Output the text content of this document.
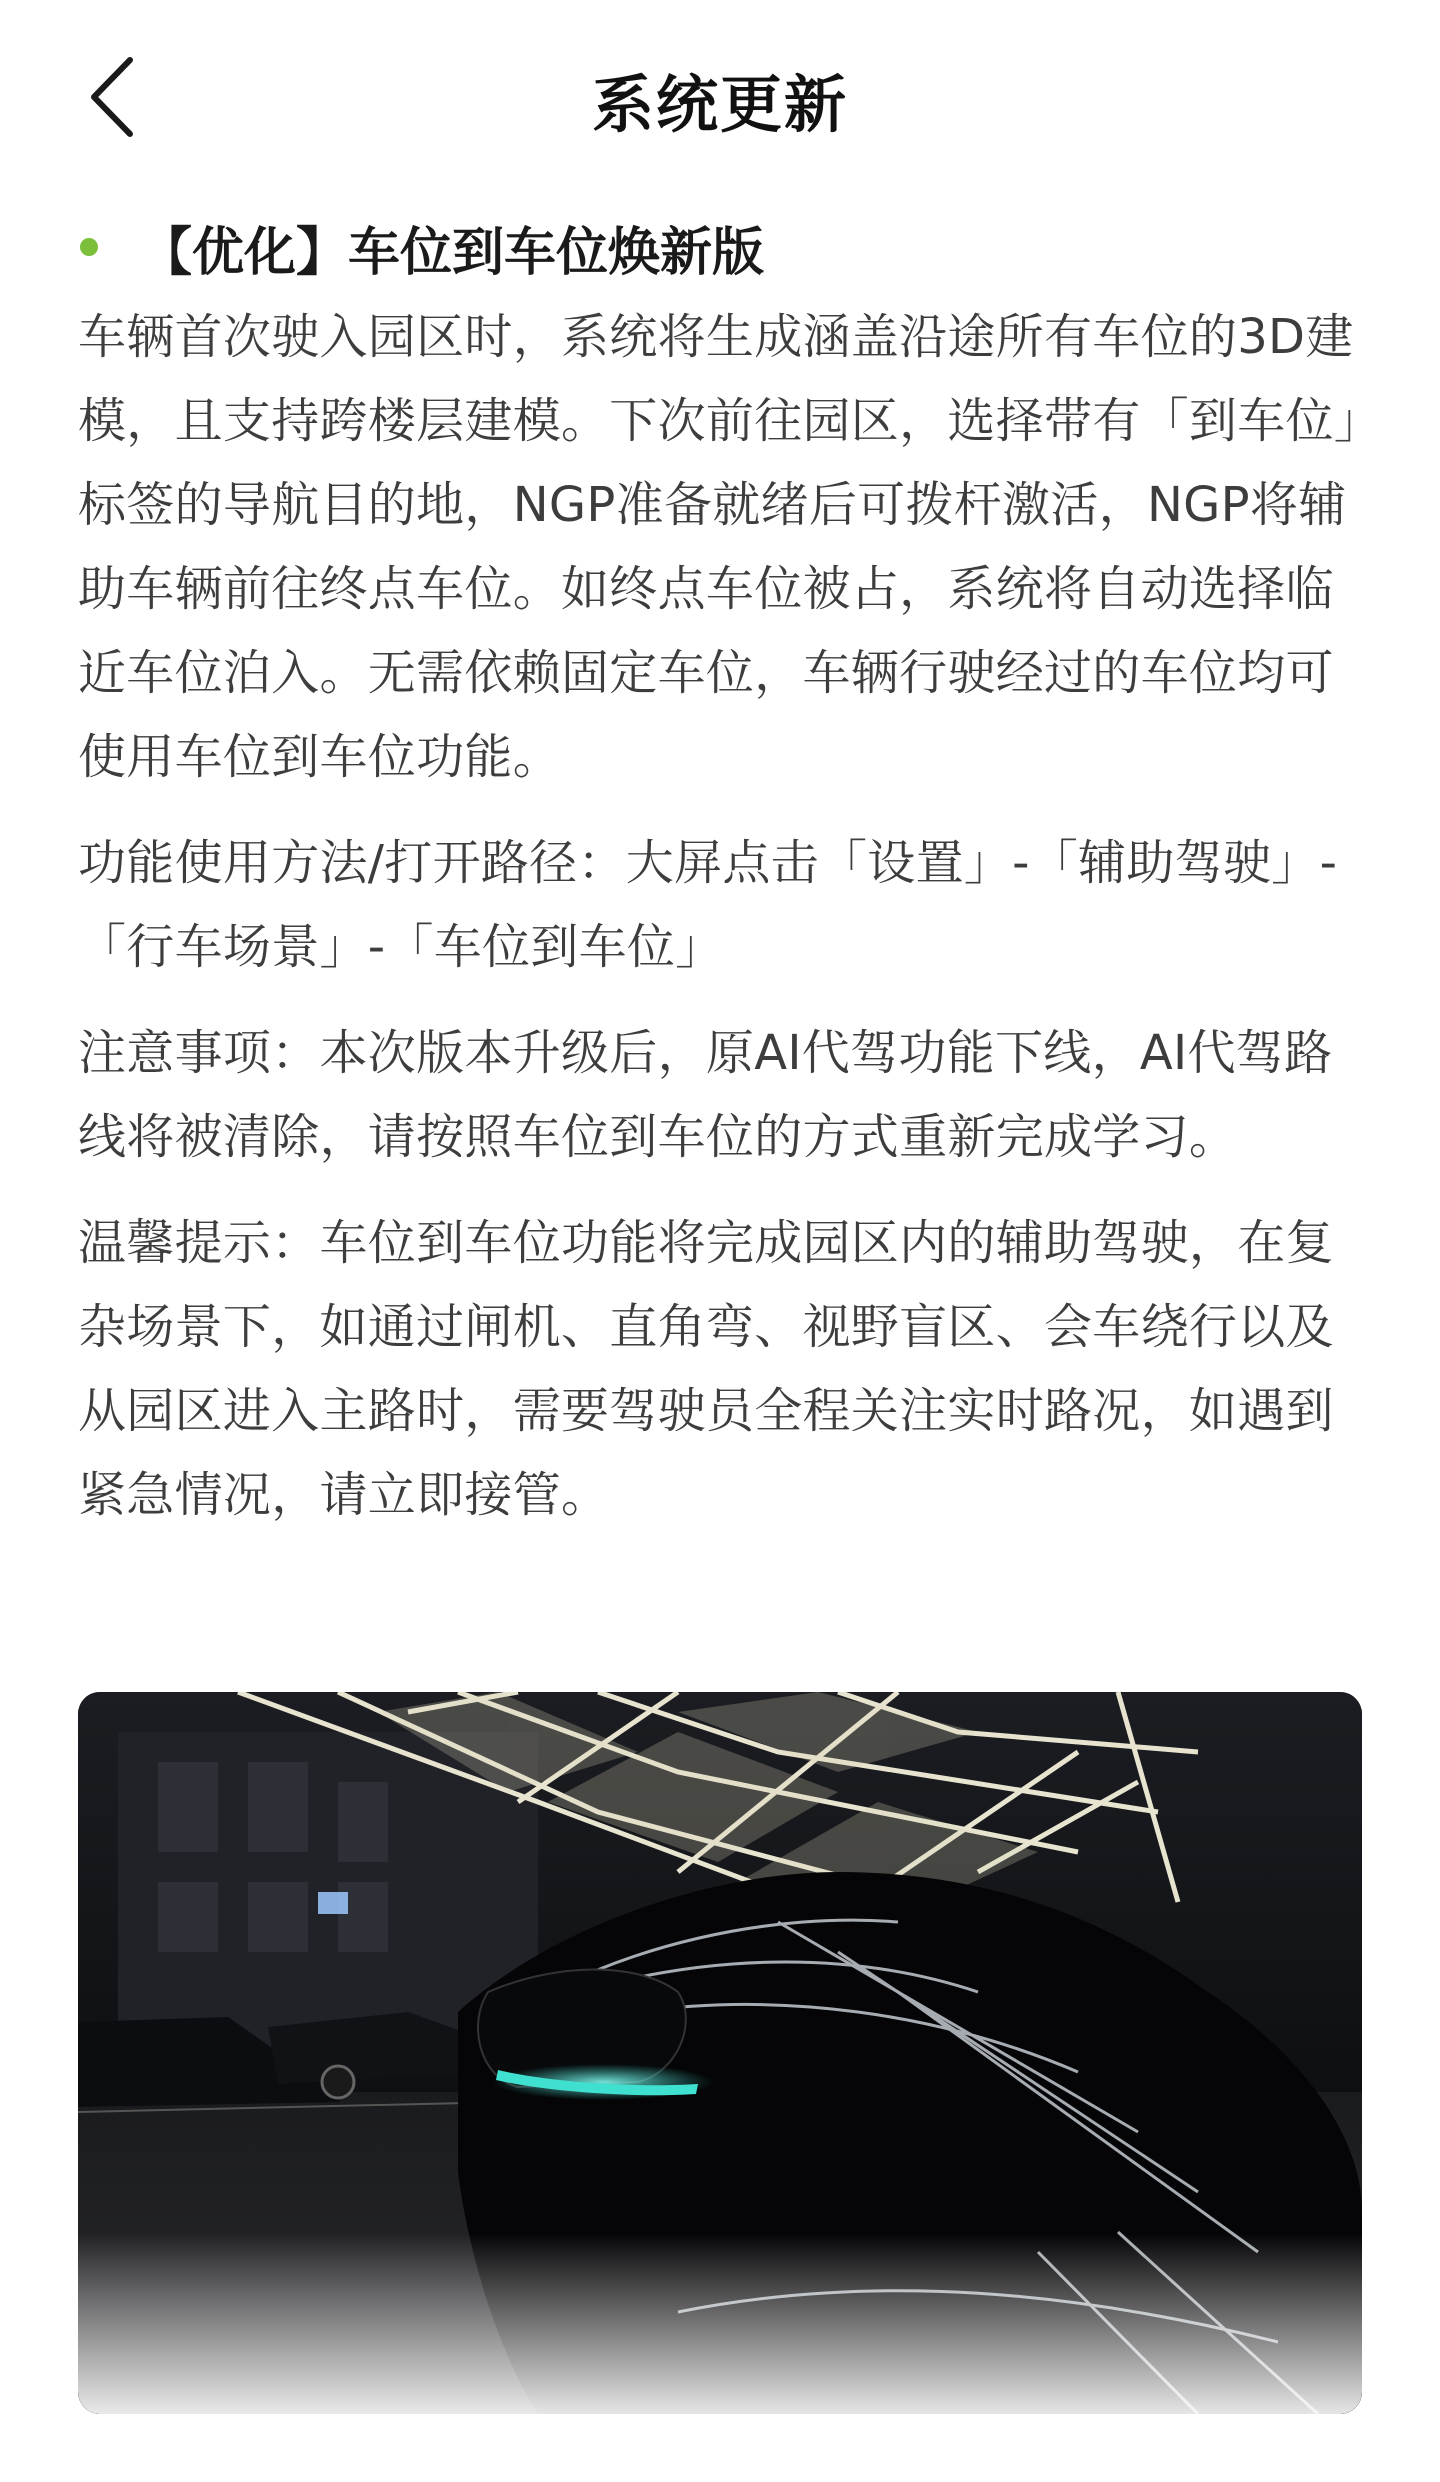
系统更新
【优化】车位到车位焕新版

车辆首次驶入园区时，系统将生成涵盖沿途所有车位的3D建模，且支持跨楼层建模。下次前往园区，选择带有「到车位」标签的导航目的地，NGP准备就绪后可拨杆激活，NGP将辅助车辆前往终点车位。如终点车位被占，系统将自动选择临近车位泊入。无需依赖固定车位，车辆行驶经过的车位均可使用车位到车位功能。

功能使用方法/打开路径：大屏点击「设置」-「辅助驾驶」-「行车场景」-「车位到车位」

注意事项：本次版本升级后，原AI代驾功能下线，AI代驾路线将被清除，请按照车位到车位的方式重新完成学习。

温馨提示：车位到车位功能将完成园区内的辅助驾驶，在复杂场景下，如通过闸机、直角弯、视野盲区、会车绕行以及从园区进入主路时，需要驾驶员全程关注实时路况，如遇到紧急情况，请立即接管。
